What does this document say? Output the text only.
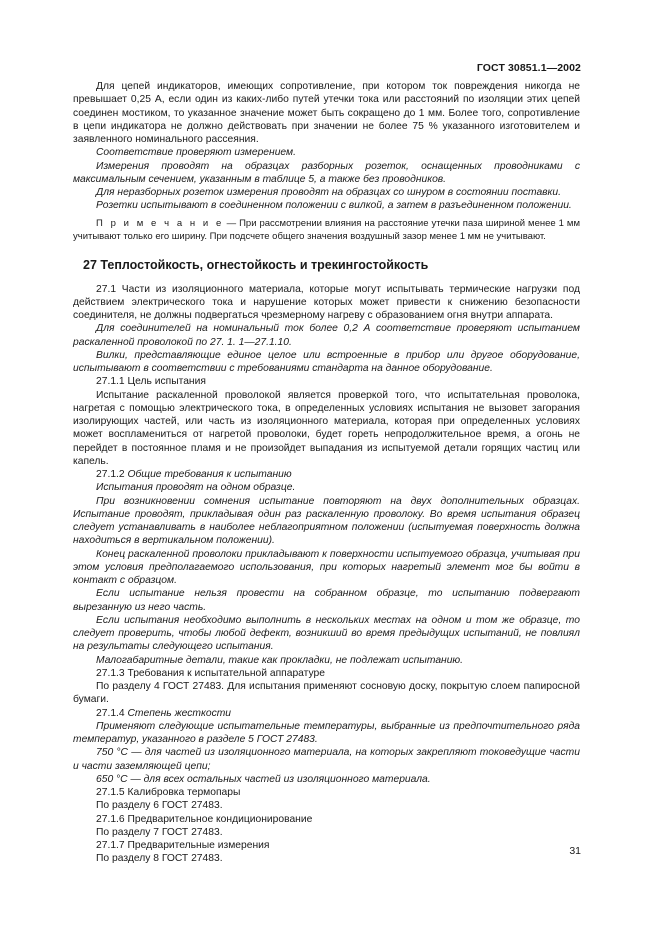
ГОСТ 30851.1—2002

Для цепей индикаторов, имеющих сопротивление, при котором ток повреждения никогда не превышает 0,25 А, если один из каких-либо путей утечки тока или расстояний по изоляции этих цепей соединен мостиком, то указанное значение может быть сокращено до 1 мм. Более того, сопротивление в цепи индикатора не должно действовать при значении не более 75 % указанного изготовителем и заявленного номинального рассеяния.

Соответствие проверяют измерением.

Измерения проводят на образцах разборных розеток, оснащенных проводниками с максимальным сечением, указанным в таблице 5, а также без проводников.

Для неразборных розеток измерения проводят на образцах со шнуром в состоянии поставки.

Розетки испытывают в соединенном положении с вилкой, а затем в разъединенном положении.

П р и м е ч а н и е — При рассмотрении влияния на расстояние утечки паза шириной менее 1 мм учитывают только его ширину. При подсчете общего значения воздушный зазор менее 1 мм не учитывают.

27 Теплостойкость, огнестойкость и трекингостойкость

27.1 Части из изоляционного материала, которые могут испытывать термические нагрузки под действием электрического тока и нарушение которых может привести к снижению безопасности соединителя, не должны подвергаться чрезмерному нагреву с образованием огня внутри аппарата.

Для соединителей на номинальный ток более 0,2 А соответствие проверяют испытанием раскаленной проволокой по 27. 1. 1—27.1.10.

Вилки, представляющие единое целое или встроенные в прибор или другое оборудование, испытывают в соответствии с требованиями стандарта на данное оборудование.

27.1.1 Цель испытания

Испытание раскаленной проволокой является проверкой того, что испытательная проволока, нагретая с помощью электрического тока, в определенных условиях испытания не вызовет загорания изолирующих частей, или часть из изоляционного материала, которая при определенных условиях может воспламениться от нагретой проволоки, будет гореть непродолжительное время, а огонь не перейдет в постоянное пламя и не произойдет выпадания из испытуемой детали горящих частиц или капель.

27.1.2 Общие требования к испытанию

Испытания проводят на одном образце.

При возникновении сомнения испытание повторяют на двух дополнительных образцах. Испытание проводят, прикладывая один раз раскаленную проволоку. Во время испытания образец следует устанавливать в наиболее неблагоприятном положении (испытуемая поверхность должна находиться в вертикальном положении).

Конец раскаленной проволоки прикладывают к поверхности испытуемого образца, учитывая при этом условия предполагаемого использования, при которых нагретый элемент мог бы войти в контакт с образцом.

Если испытание нельзя провести на собранном образце, то испытанию подвергают вырезанную из него часть.

Если испытания необходимо выполнить в нескольких местах на одном и том же образце, то следует проверить, чтобы любой дефект, возникший во время предыдущих испытаний, не повлиял на результаты следующего испытания.

Малогабаритные детали, такие как прокладки, не подлежат испытанию.

27.1.3 Требования к испытательной аппаратуре

По разделу 4 ГОСТ 27483. Для испытания применяют сосновую доску, покрытую слоем папиросной бумаги.

27.1.4 Степень жесткости

Применяют следующие испытательные температуры, выбранные из предпочтительного ряда температур, указанного в разделе 5 ГОСТ 27483.

750 °С — для частей из изоляционного материала, на которых закрепляют токоведущие части и части заземляющей цепи;

650 °С — для всех остальных частей из изоляционного материала.

27.1.5 Калибровка термопары

По разделу 6 ГОСТ 27483.

27.1.6 Предварительное кондиционирование

По разделу 7 ГОСТ 27483.

27.1.7 Предварительные измерения

По разделу 8 ГОСТ 27483.

31
